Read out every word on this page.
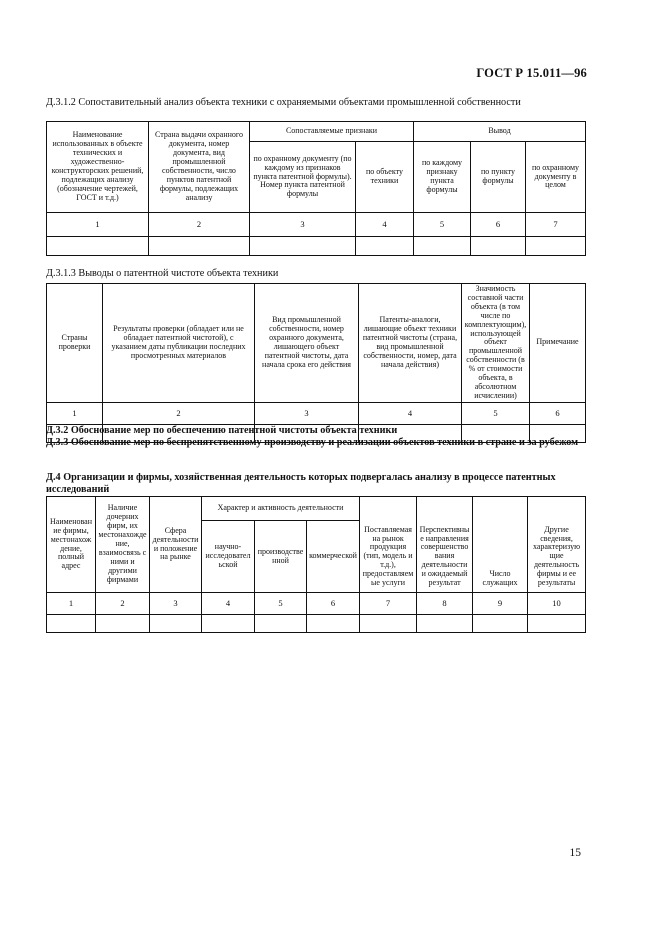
ГОСТ Р 15.011—96
Д.3.1.2 Сопоставительный анализ объекта техники с охраняемыми объектами промышленной собственности
Наименование использованных в объекте технических и художественно-конструкторских решений, подлежащих анализу (обозначение чертежей, ГОСТ и т.д.)	Страна выдачи охранного документа, номер документа, вид промышленной собственности, число пунктов патентной формулы, подлежащих анализу	Сопоставляемые признаки		Вывод		
		по охранному документу (по каждому из признаков пункта патентной формулы). Номер пункта патентной формулы	по объекту техники	по каждому признаку пункта формулы	по пункту формулы	по охранному документу в целом
1	2	3	4	5	6	7

Д.3.1.3 Выводы о патентной чистоте объекта техники
Страны проверки	Результаты проверки (обладает или не обладает патентной чистотой), с указанием даты публикации последних просмотренных материалов	Вид промышленной собственности, номер охранного документа, лишающего объект патентной чистоты, дата начала срока его действия	Патенты-аналоги, лишающие объект техники патентной чистоты (страна, вид промышленной собственности, номер, дата начала действия)	Значимость составной части объекта (в том числе по комплектующим), использующей объект промышленной собственности (в % от стоимости объекта, в абсолютном исчислении)	Примечание
1	2	3	4	5	6

Д.3.2 Обоснование мер по обеспечению патентной чистоты объекта техники
Д.3.3 Обоснование мер по беспрепятственному производству и реализации объектов техники в стране и за рубежом
Д.4 Организации и фирмы, хозяйственная деятельность которых подвергалась анализу в процессе патентных исследований
Наименование фирмы, местонахождение, полный адрес	Наличие дочерних фирм, их местонахождение, взаимосвязь с ними и другими фирмами	Сфера деятельности и положение на рынке	Характер и активность деятельности			Поставляемая на рынок продукция (тип, модель и т.д.), предоставляемые услуги	Перспективные направления совершенствования деятельности и ожидаемый результат	Число служащих	Другие сведения, характеризующие деятельность фирмы и ее результаты
			научно-исследовательской	производственной	коммерческой				
1	2	3	4	5	6	7	8	9	10

15
